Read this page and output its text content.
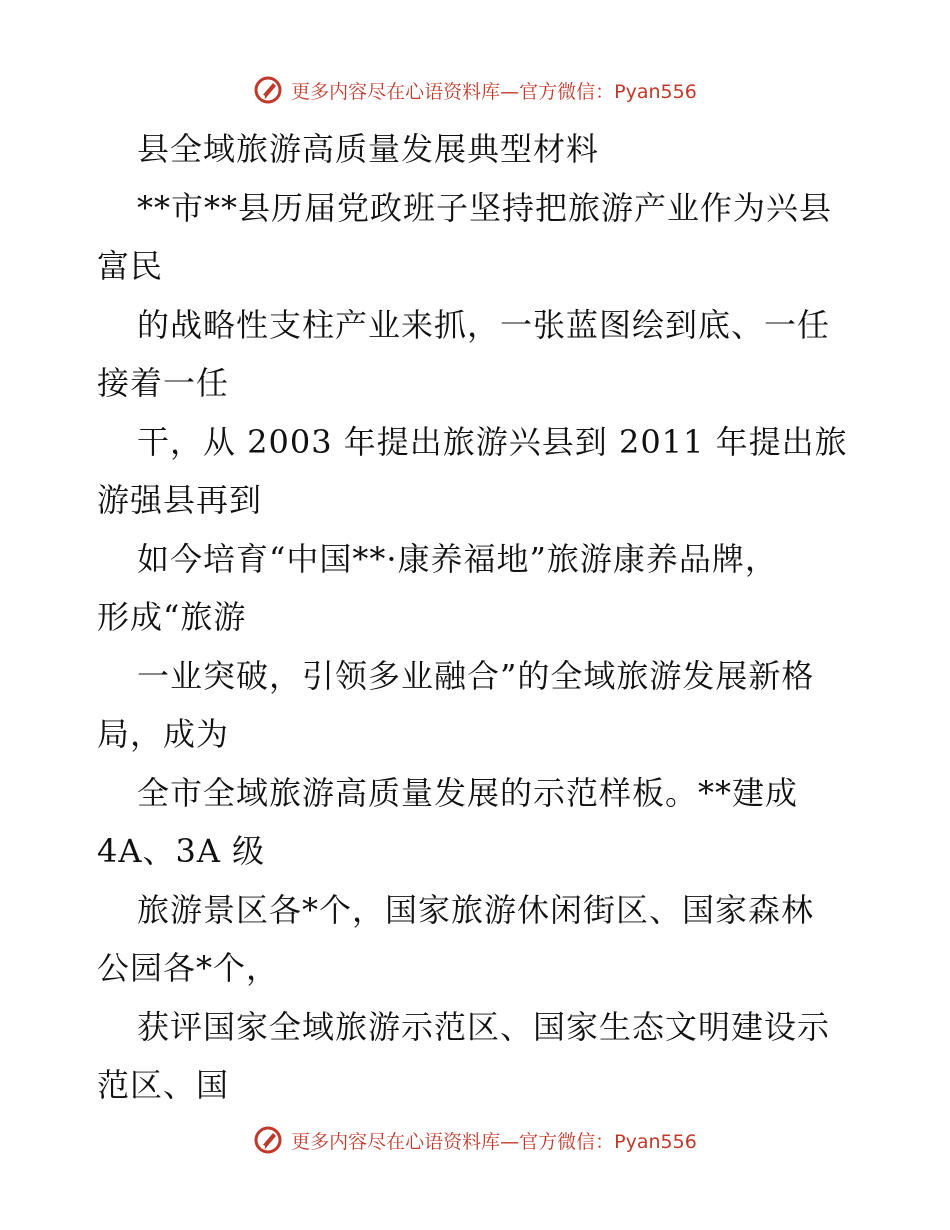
更多内容尽在心语资料库—官方微信：Pyan556
县全域旅游高质量发展典型材料
**市**县历届党政班子坚持把旅游产业作为兴县
富民
的战略性支柱产业来抓，一张蓝图绘到底、一任
接着一任
干，从 2003 年提出旅游兴县到 2011 年提出旅
游强县再到
如今培育“中国**·康养福地”旅游康养品牌，
形成“旅游
一业突破，引领多业融合”的全域旅游发展新格
局，成为
全市全域旅游高质量发展的示范样板。**建成
4A、3A 级
旅游景区各*个，国家旅游休闲街区、国家森林
公园各*个，
获评国家全域旅游示范区、国家生态文明建设示
范区、国
更多内容尽在心语资料库—官方微信：Pyan556
